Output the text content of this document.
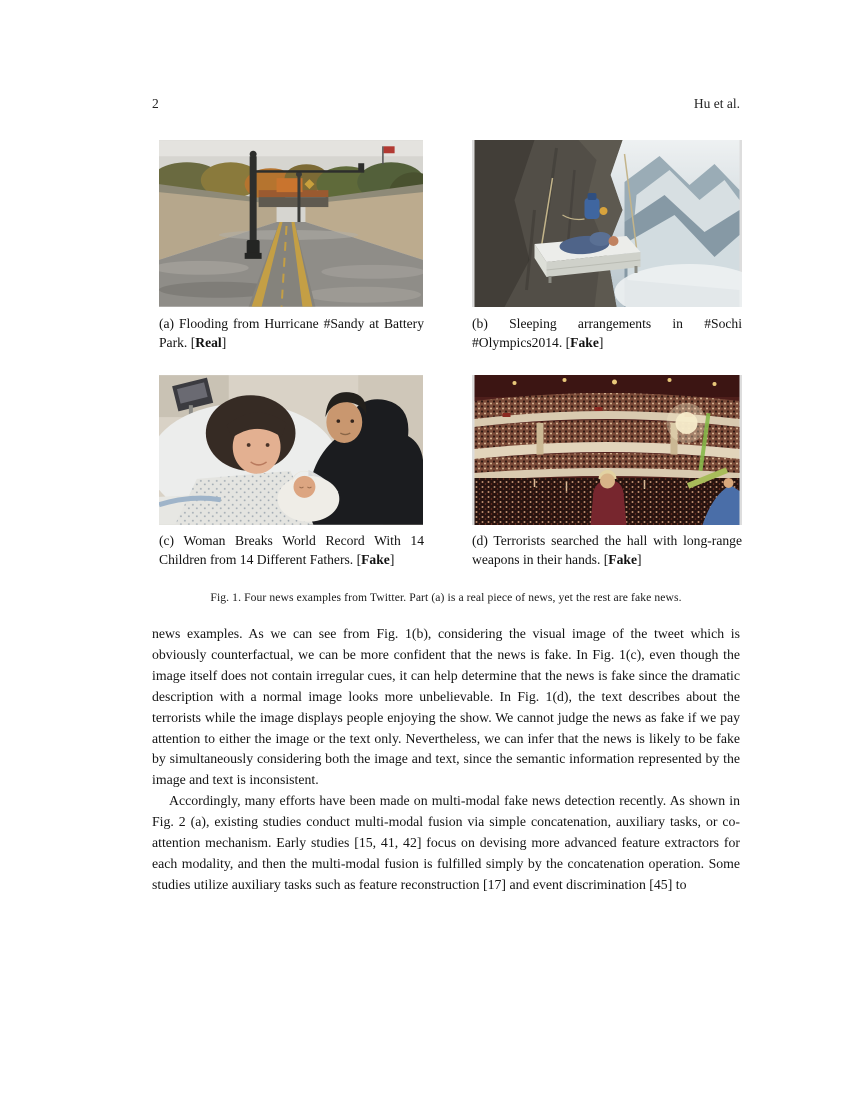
2	Hu et al.
(a) Flooding from Hurricane #Sandy at Battery Park. [Real]
(b) Sleeping arrangements in #Sochi #Olympics2014. [Fake]
(c) Woman Breaks World Record With 14 Children from 14 Different Fathers. [Fake]
(d) Terrorists searched the hall with long-range weapons in their hands. [Fake]
Fig. 1. Four news examples from Twitter. Part (a) is a real piece of news, yet the rest are fake news.

news examples. As we can see from Fig. 1(b), considering the visual image of the tweet which is obviously counterfactual, we can be more confident that the news is fake. In Fig. 1(c), even though the image itself does not contain irregular cues, it can help determine that the news is fake since the dramatic description with a normal image looks more unbelievable. In Fig. 1(d), the text describes about the terrorists while the image displays people enjoying the show. We cannot judge the news as fake if we pay attention to either the image or the text only. Nevertheless, we can infer that the news is likely to be fake by simultaneously considering both the image and text, since the semantic information represented by the image and text is inconsistent.

Accordingly, many efforts have been made on multi-modal fake news detection recently. As shown in Fig. 2 (a), existing studies conduct multi-modal fusion via simple concatenation, auxiliary tasks, or co-attention mechanism. Early studies [15, 41, 42] focus on devising more advanced feature extractors for each modality, and then the multi-modal fusion is fulfilled simply by the concatenation operation. Some studies utilize auxiliary tasks such as feature reconstruction [17] and event discrimination [45] to
